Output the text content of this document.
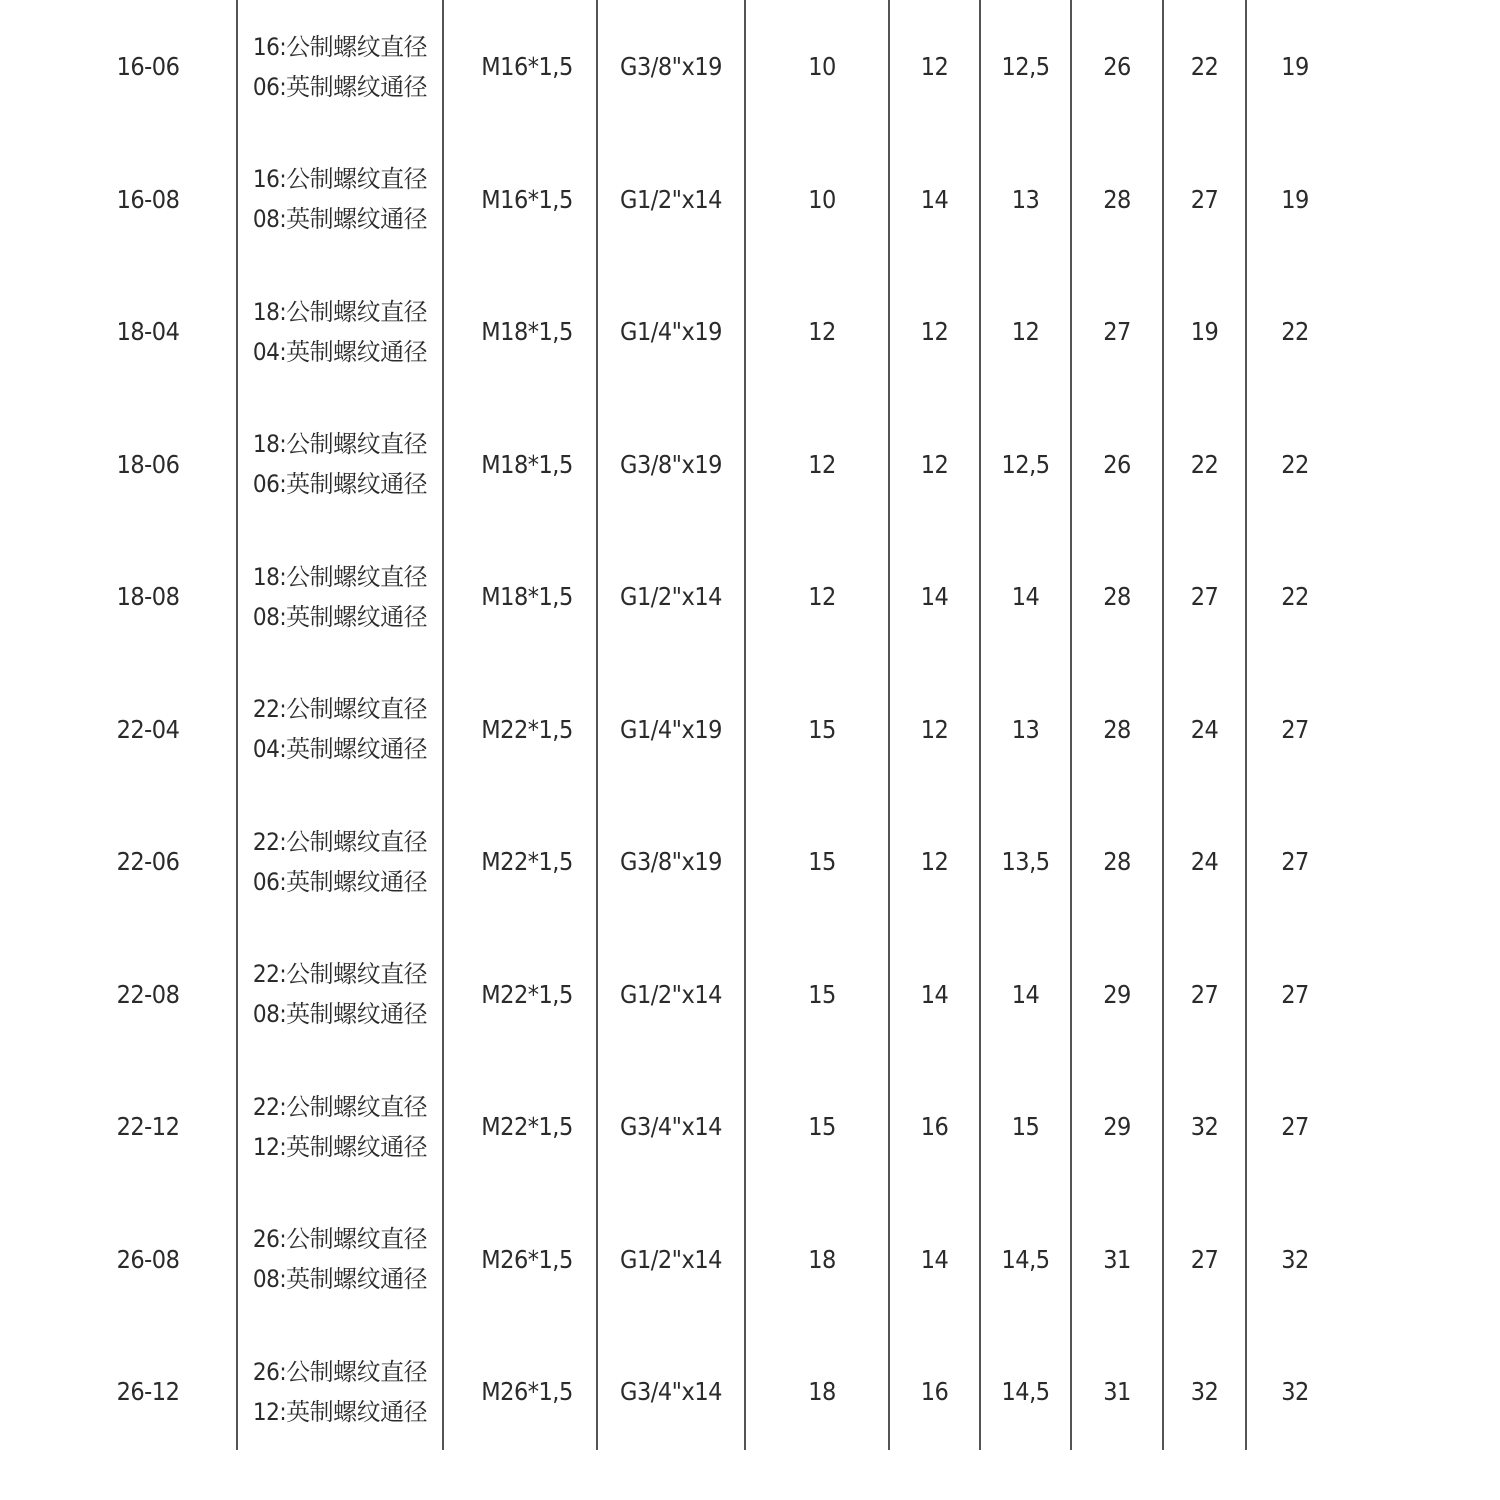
16-06
16:公制螺纹直径
06:英制螺纹通径
M16*1,5	G3/8"x19	10	12	12,5	26	22	19
16-08
16:公制螺纹直径
08:英制螺纹通径
M16*1,5	G1/2"x14	10	14	13	28	27	19
18-04
18:公制螺纹直径
04:英制螺纹通径
M18*1,5	G1/4"x19	12	12	12	27	19	22
18-06
18:公制螺纹直径
06:英制螺纹通径
M18*1,5	G3/8"x19	12	12	12,5	26	22	22
18-08
18:公制螺纹直径
08:英制螺纹通径
M18*1,5	G1/2"x14	12	14	14	28	27	22
22-04
22:公制螺纹直径
04:英制螺纹通径
M22*1,5	G1/4"x19	15	12	13	28	24	27
22-06
22:公制螺纹直径
06:英制螺纹通径
M22*1,5	G3/8"x19	15	12	13,5	28	24	27
22-08
22:公制螺纹直径
08:英制螺纹通径
M22*1,5	G1/2"x14	15	14	14	29	27	27
22-12
22:公制螺纹直径
12:英制螺纹通径
M22*1,5	G3/4"x14	15	16	15	29	32	27
26-08
26:公制螺纹直径
08:英制螺纹通径
M26*1,5	G1/2"x14	18	14	14,5	31	27	32
26-12
26:公制螺纹直径
12:英制螺纹通径
M26*1,5	G3/4"x14	18	16	14,5	31	32	32
